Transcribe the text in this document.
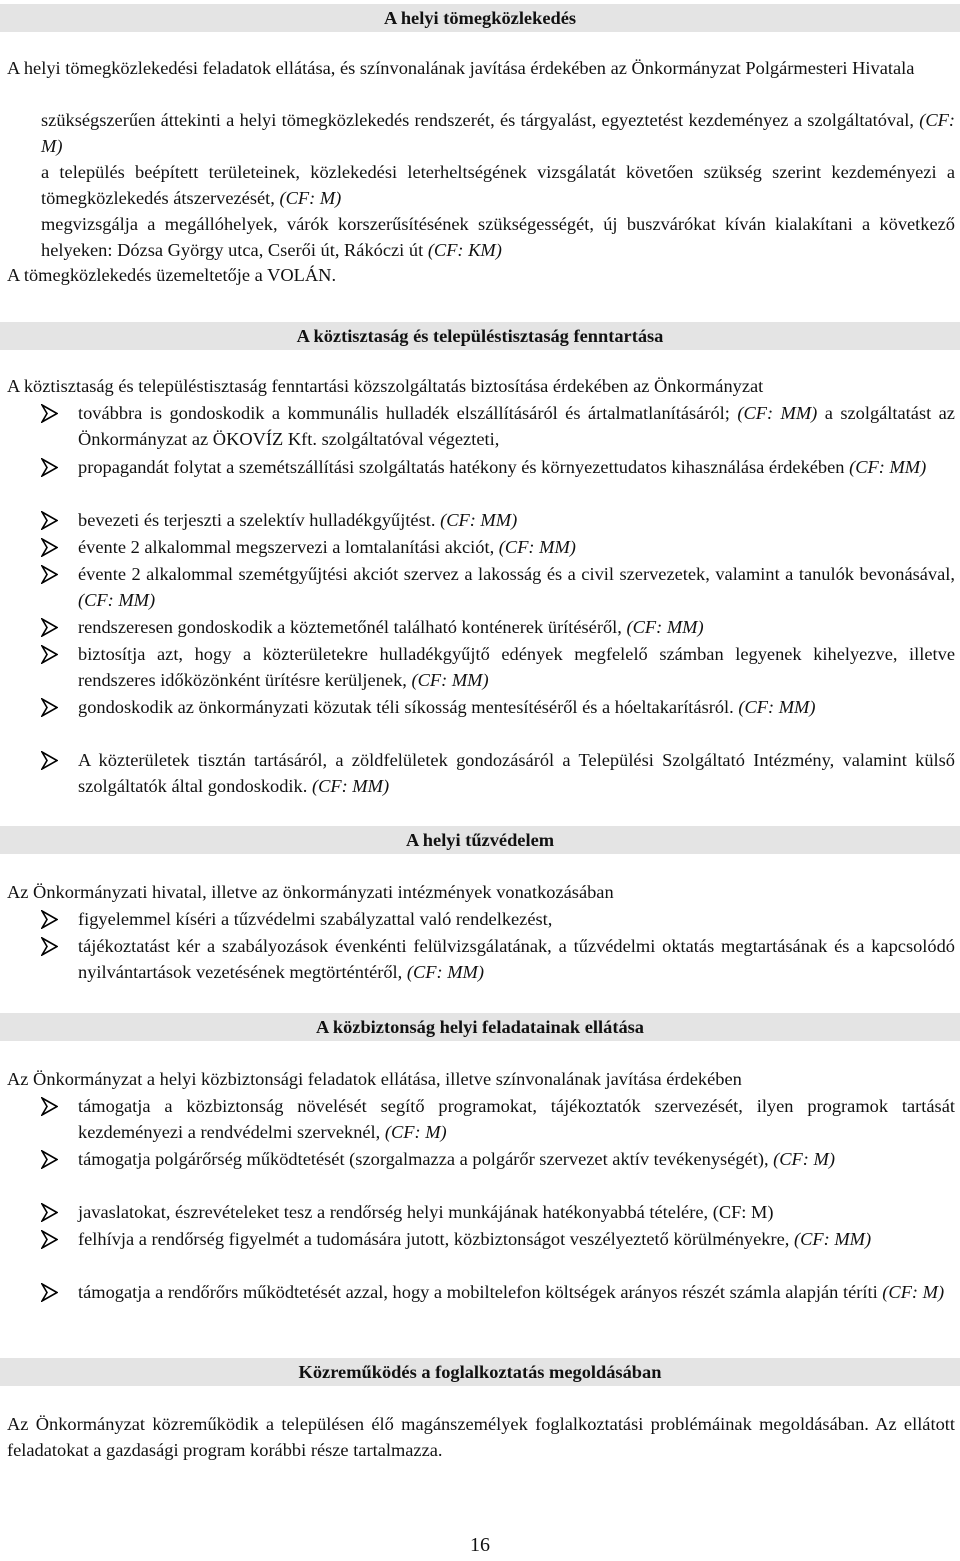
A helyi tömegközlekedés
A helyi tömegközlekedési feladatok ellátása, és színvonalának javítása érdekében az Önkormányzat Polgármesteri Hivatala
szükségszerűen áttekinti a helyi tömegközlekedés rendszerét, és tárgyalást, egyeztetést kezdeményez a szolgáltatóval, (CF: M)
a település beépített területeinek, közlekedési leterheltségének vizsgálatát követően szükség szerint kezdeményezi a tömegközlekedés átszervezését, (CF: M)
megvizsgálja a megállóhelyek, várók korszerűsítésének szükségességét, új buszvárókat kíván kialakítani a következő helyeken: Dózsa György utca, Cserői út, Rákóczi út (CF: KM)
A tömegközlekedés üzemeltetője a VOLÁN.
A köztisztaság és településtisztaság fenntartása
A köztisztaság és településtisztaság fenntartási közszolgáltatás biztosítása érdekében az Önkormányzat
továbbra is gondoskodik a kommunális hulladék elszállításáról és ártalmatlanításáról; (CF: MM) a szolgáltatást az Önkormányzat az ÖKOVÍZ Kft. szolgáltatóval végezteti,
propagandát folytat a szemétszállítási szolgáltatás hatékony és környezettudatos kihasználása érdekében (CF: MM)
bevezeti és terjeszti a szelektív hulladékgyűjtést. (CF: MM)
évente 2 alkalommal megszervezi a lomtalanítási akciót, (CF: MM)
évente 2 alkalommal szemétgyűjtési akciót szervez a lakosság és a civil szervezetek, valamint a tanulók bevonásával, (CF: MM)
rendszeresen gondoskodik a köztemetőnél található konténerek ürítéséről, (CF: MM)
biztosítja azt, hogy a közterületekre hulladékgyűjtő edények megfelelő számban legyenek kihelyezve, illetve rendszeres időközönként ürítésre kerüljenek, (CF: MM)
gondoskodik az önkormányzati közutak téli síkosság mentesítéséről és a hóeltakarításról. (CF: MM)
A közterületek tisztán tartásáról, a zöldfelületek gondozásáról a Települési Szolgáltató Intézmény, valamint külső szolgáltatók által gondoskodik. (CF: MM)
A helyi tűzvédelem
Az Önkormányzati hivatal, illetve az önkormányzati intézmények vonatkozásában
figyelemmel kíséri a tűzvédelmi szabályzattal való rendelkezést,
tájékoztatást kér a szabályozások évenkénti felülvizsgálatának, a tűzvédelmi oktatás megtartásának és a kapcsolódó nyilvántartások vezetésének megtörténtéről, (CF: MM)
A közbiztonság helyi feladatainak ellátása
Az Önkormányzat a helyi közbiztonsági feladatok ellátása, illetve színvonalának javítása érdekében
támogatja a közbiztonság növelését segítő programokat, tájékoztatók szervezését, ilyen programok tartását kezdeményezi a rendvédelmi szerveknél, (CF: M)
támogatja polgárőrség működtetését (szorgalmazza a polgárőr szervezet aktív tevékenységét), (CF: M)
javaslatokat, észrevételeket tesz a rendőrség helyi munkájának hatékonyabbá tételére, (CF: M)
felhívja a rendőrség figyelmét a tudomására jutott, közbiztonságot veszélyeztető körülményekre, (CF: MM)
támogatja a rendőrőrs működtetését azzal, hogy a mobiltelefon költségek arányos részét számla alapján téríti (CF: M)
Közreműködés a foglalkoztatás megoldásában
Az Önkormányzat közreműködik a településen élő magánszemélyek foglalkoztatási problémáinak megoldásában. Az ellátott feladatokat a gazdasági program korábbi része tartalmazza.
16
